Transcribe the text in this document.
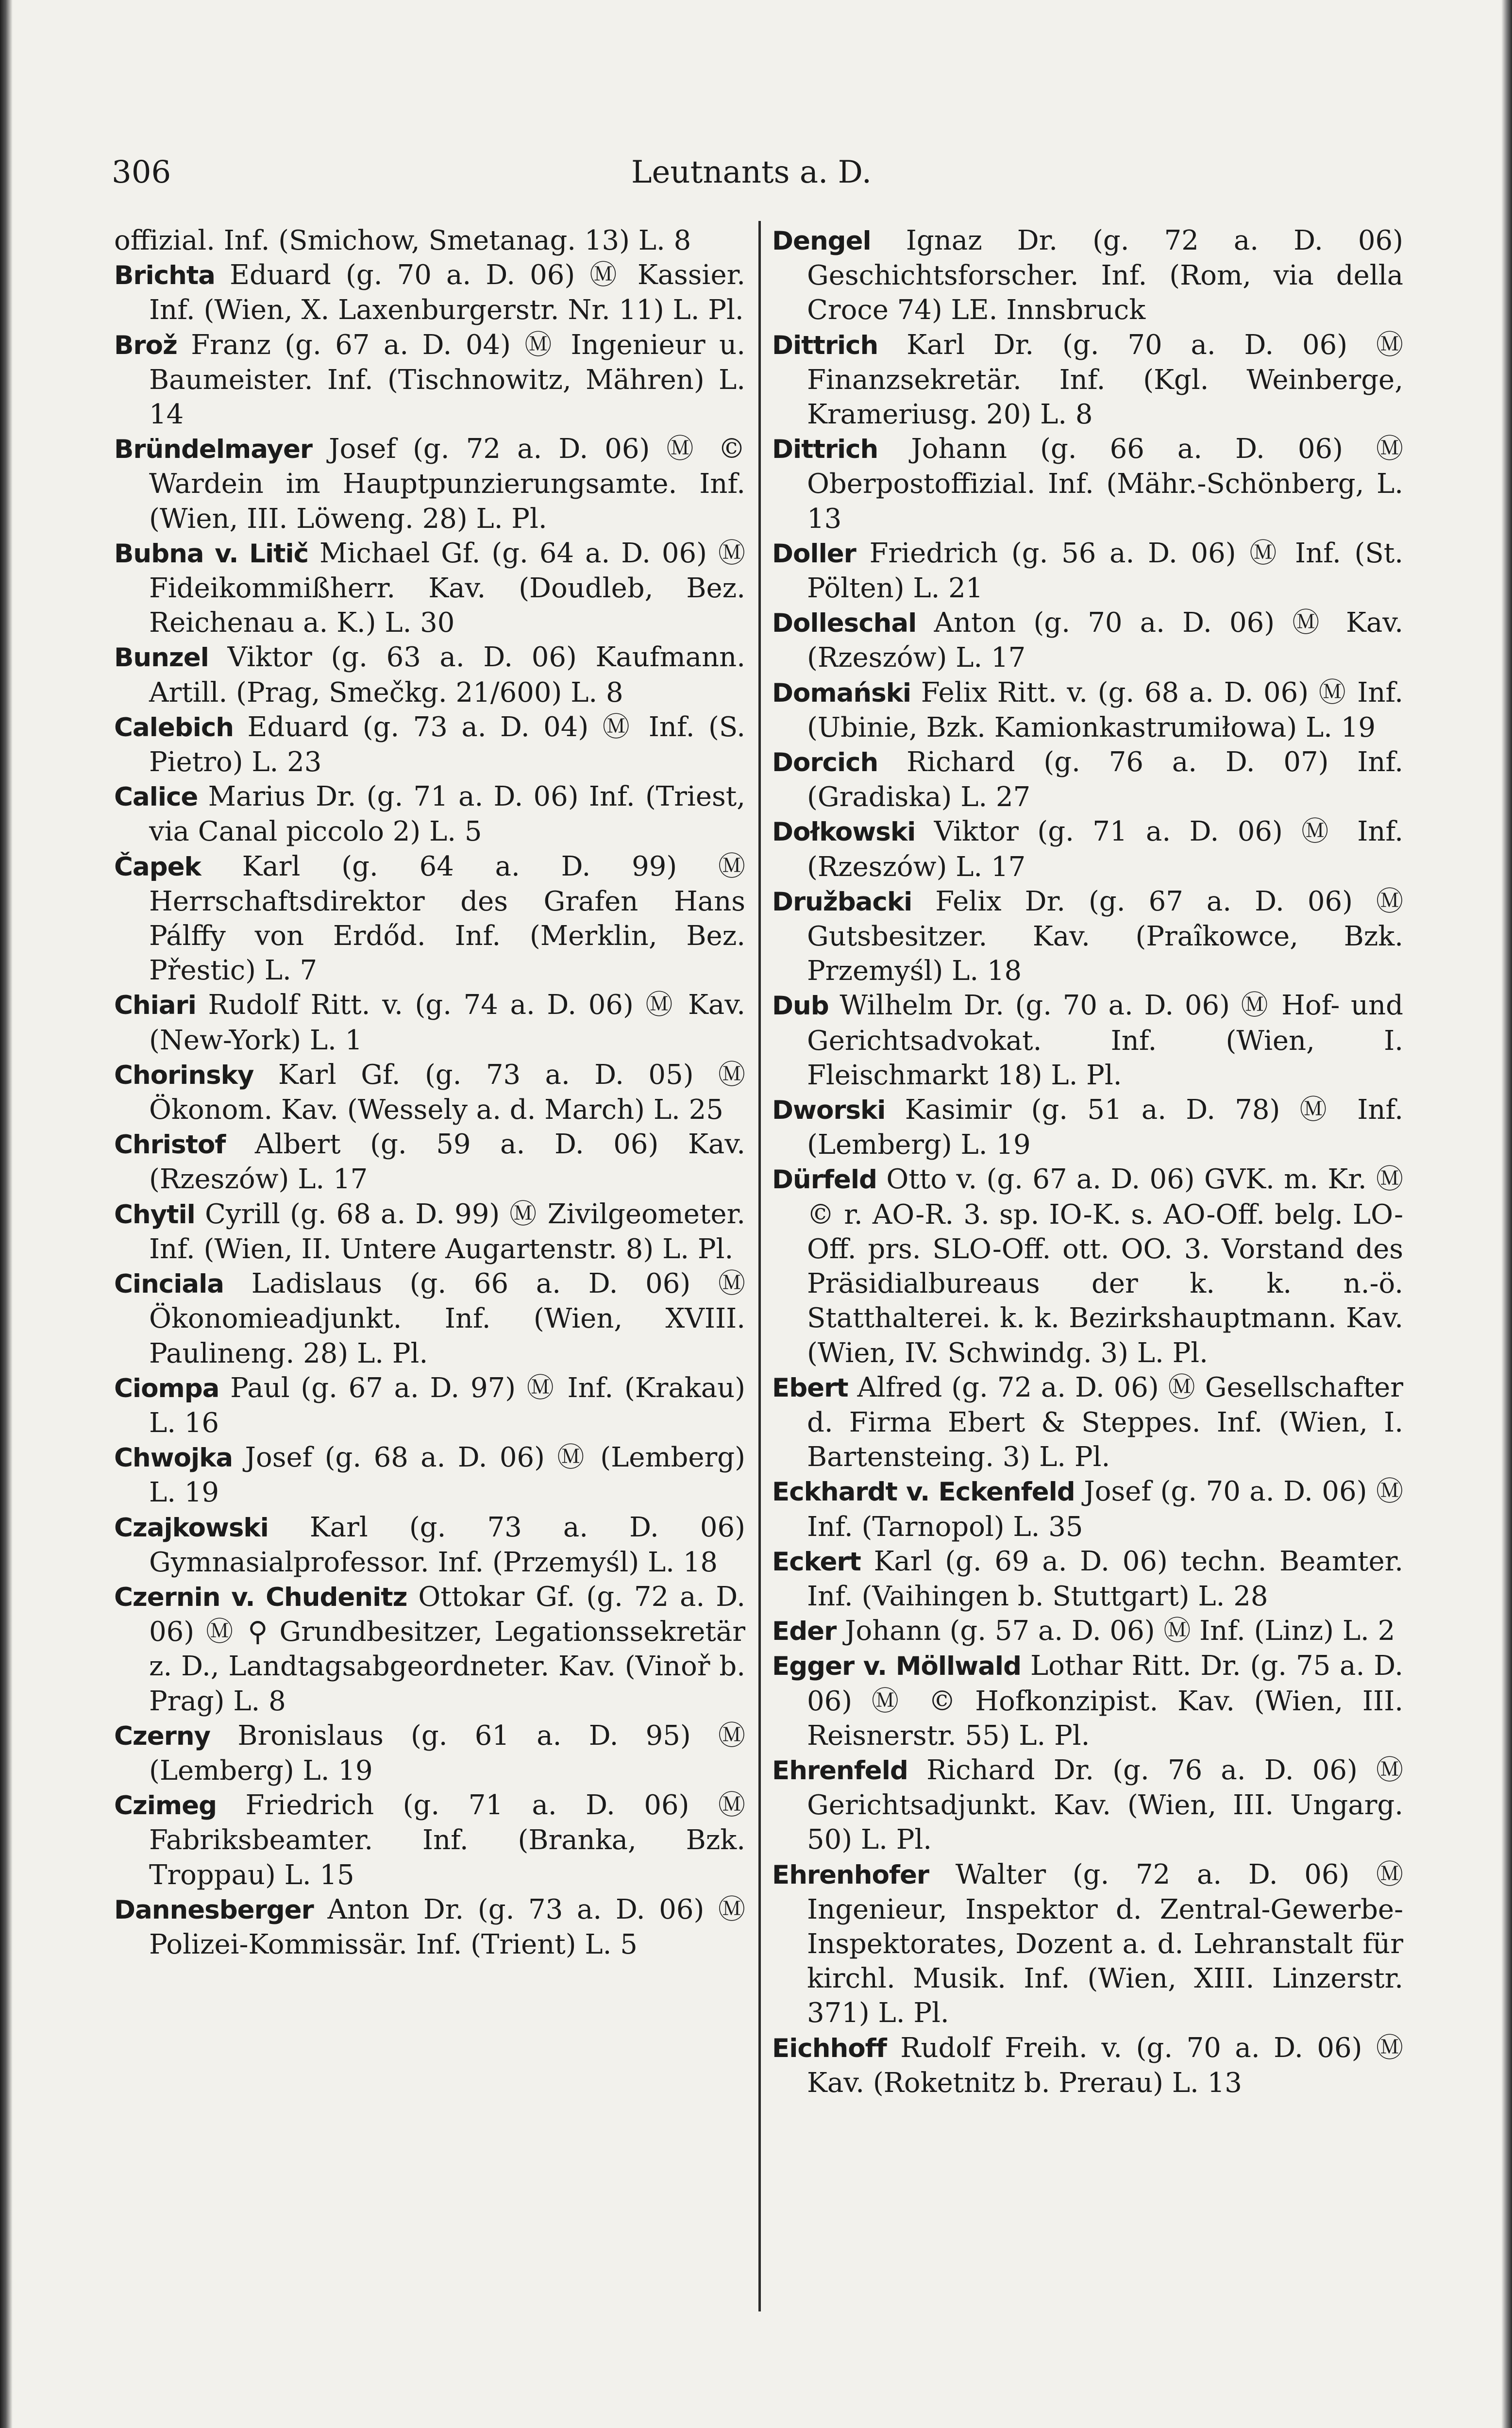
306	Leutnants a. D.

offizial. Inf. (Smichow, Smetanag. 13) L. 8

Brichta Eduard (g. 70 a. D. 06) Ⓜ Kassier. Inf. (Wien, X. Laxenburgerstr. Nr. 11) L. Pl.

Brož Franz (g. 67 a. D. 04) Ⓜ Ingenieur u. Baumeister. Inf. (Tischnowitz, Mähren) L. 14

Bründelmayer Josef (g. 72 a. D. 06) Ⓜ © Wardein im Hauptpunzierungsamte. Inf. (Wien, III. Löweng. 28) L. Pl.

Bubna v. Litič Michael Gf. (g. 64 a. D. 06) Ⓜ Fideikommißherr. Kav. (Doudleb, Bez. Reichenau a. K.) L. 30

Bunzel Viktor (g. 63 a. D. 06) Kaufmann. Artill. (Prag, Smečkg. 21/600) L. 8

Calebich Eduard (g. 73 a. D. 04) Ⓜ Inf. (S. Pietro) L. 23

Calice Marius Dr. (g. 71 a. D. 06) Inf. (Triest, via Canal piccolo 2) L. 5

Čapek Karl (g. 64 a. D. 99) Ⓜ Herrschaftsdirektor des Grafen Hans Pálffy von Erdőd. Inf. (Merklin, Bez. Přestic) L. 7

Chiari Rudolf Ritt. v. (g. 74 a. D. 06) Ⓜ Kav. (New-York) L. 1

Chorinsky Karl Gf. (g. 73 a. D. 05) Ⓜ Ökonom. Kav. (Wessely a. d. March) L. 25

Christof Albert (g. 59 a. D. 06) Kav. (Rzeszów) L. 17

Chytil Cyrill (g. 68 a. D. 99) Ⓜ Zivilgeometer. Inf. (Wien, II. Untere Augartenstr. 8) L. Pl.

Cinciala Ladislaus (g. 66 a. D. 06) Ⓜ Ökonomieadjunkt. Inf. (Wien, XVIII. Paulineng. 28) L. Pl.

Ciompa Paul (g. 67 a. D. 97) Ⓜ Inf. (Krakau) L. 16

Chwojka Josef (g. 68 a. D. 06) Ⓜ (Lemberg) L. 19

Czajkowski Karl (g. 73 a. D. 06) Gymnasialprofessor. Inf. (Przemyśl) L. 18

Czernin v. Chudenitz Ottokar Gf. (g. 72 a. D. 06) Ⓜ ⚲ Grundbesitzer, Legationssekretär z. D., Landtagsabgeordneter. Kav. (Vinoř b. Prag) L. 8

Czerny Bronislaus (g. 61 a. D. 95) Ⓜ (Lemberg) L. 19

Czimeg Friedrich (g. 71 a. D. 06) Ⓜ Fabriksbeamter. Inf. (Branka, Bzk. Troppau) L. 15

Dannesberger Anton Dr. (g. 73 a. D. 06) Ⓜ Polizei-Kommissär. Inf. (Trient) L. 5

Dengel Ignaz Dr. (g. 72 a. D. 06) Geschichtsforscher. Inf. (Rom, via della Croce 74) LE. Innsbruck

Dittrich Karl Dr. (g. 70 a. D. 06) Ⓜ Finanzsekretär. Inf. (Kgl. Weinberge, Krameriusg. 20) L. 8

Dittrich Johann (g. 66 a. D. 06) Ⓜ Oberpostoffizial. Inf. (Mähr.-Schönberg, L. 13

Doller Friedrich (g. 56 a. D. 06) Ⓜ Inf. (St. Pölten) L. 21

Dolleschal Anton (g. 70 a. D. 06) Ⓜ Kav. (Rzeszów) L. 17

Domański Felix Ritt. v. (g. 68 a. D. 06) Ⓜ Inf. (Ubinie, Bzk. Kamionkastrumiłowa) L. 19

Dorcich Richard (g. 76 a. D. 07) Inf. (Gradiska) L. 27

Dołkowski Viktor (g. 71 a. D. 06) Ⓜ Inf. (Rzeszów) L. 17

Družbacki Felix Dr. (g. 67 a. D. 06) Ⓜ Gutsbesitzer. Kav. (Praîkowce, Bzk. Przemyśl) L. 18

Dub Wilhelm Dr. (g. 70 a. D. 06) Ⓜ Hof- und Gerichtsadvokat. Inf. (Wien, I. Fleischmarkt 18) L. Pl.

Dworski Kasimir (g. 51 a. D. 78) Ⓜ Inf. (Lemberg) L. 19

Dürfeld Otto v. (g. 67 a. D. 06) GVK. m. Kr. Ⓜ © r. AO-R. 3. sp. IO-K. s. AO-Off. belg. LO-Off. prs. SLO-Off. ott. OO. 3. Vorstand des Präsidialbureaus der k. k. n.-ö. Statthalterei. k. k. Bezirkshauptmann. Kav. (Wien, IV. Schwindg. 3) L. Pl.

Ebert Alfred (g. 72 a. D. 06) Ⓜ Gesellschafter d. Firma Ebert & Steppes. Inf. (Wien, I. Bartensteing. 3) L. Pl.

Eckhardt v. Eckenfeld Josef (g. 70 a. D. 06) Ⓜ Inf. (Tarnopol) L. 35

Eckert Karl (g. 69 a. D. 06) techn. Beamter. Inf. (Vaihingen b. Stuttgart) L. 28

Eder Johann (g. 57 a. D. 06) Ⓜ Inf. (Linz) L. 2

Egger v. Möllwald Lothar Ritt. Dr. (g. 75 a. D. 06) Ⓜ © Hofkonzipist. Kav. (Wien, III. Reisnerstr. 55) L. Pl.

Ehrenfeld Richard Dr. (g. 76 a. D. 06) Ⓜ Gerichtsadjunkt. Kav. (Wien, III. Ungarg. 50) L. Pl.

Ehrenhofer Walter (g. 72 a. D. 06) Ⓜ Ingenieur, Inspektor d. Zentral-Gewerbe-Inspektorates, Dozent a. d. Lehranstalt für kirchl. Musik. Inf. (Wien, XIII. Linzerstr. 371) L. Pl.

Eichhoff Rudolf Freih. v. (g. 70 a. D. 06) Ⓜ Kav. (Roketnitz b. Prerau) L. 13
